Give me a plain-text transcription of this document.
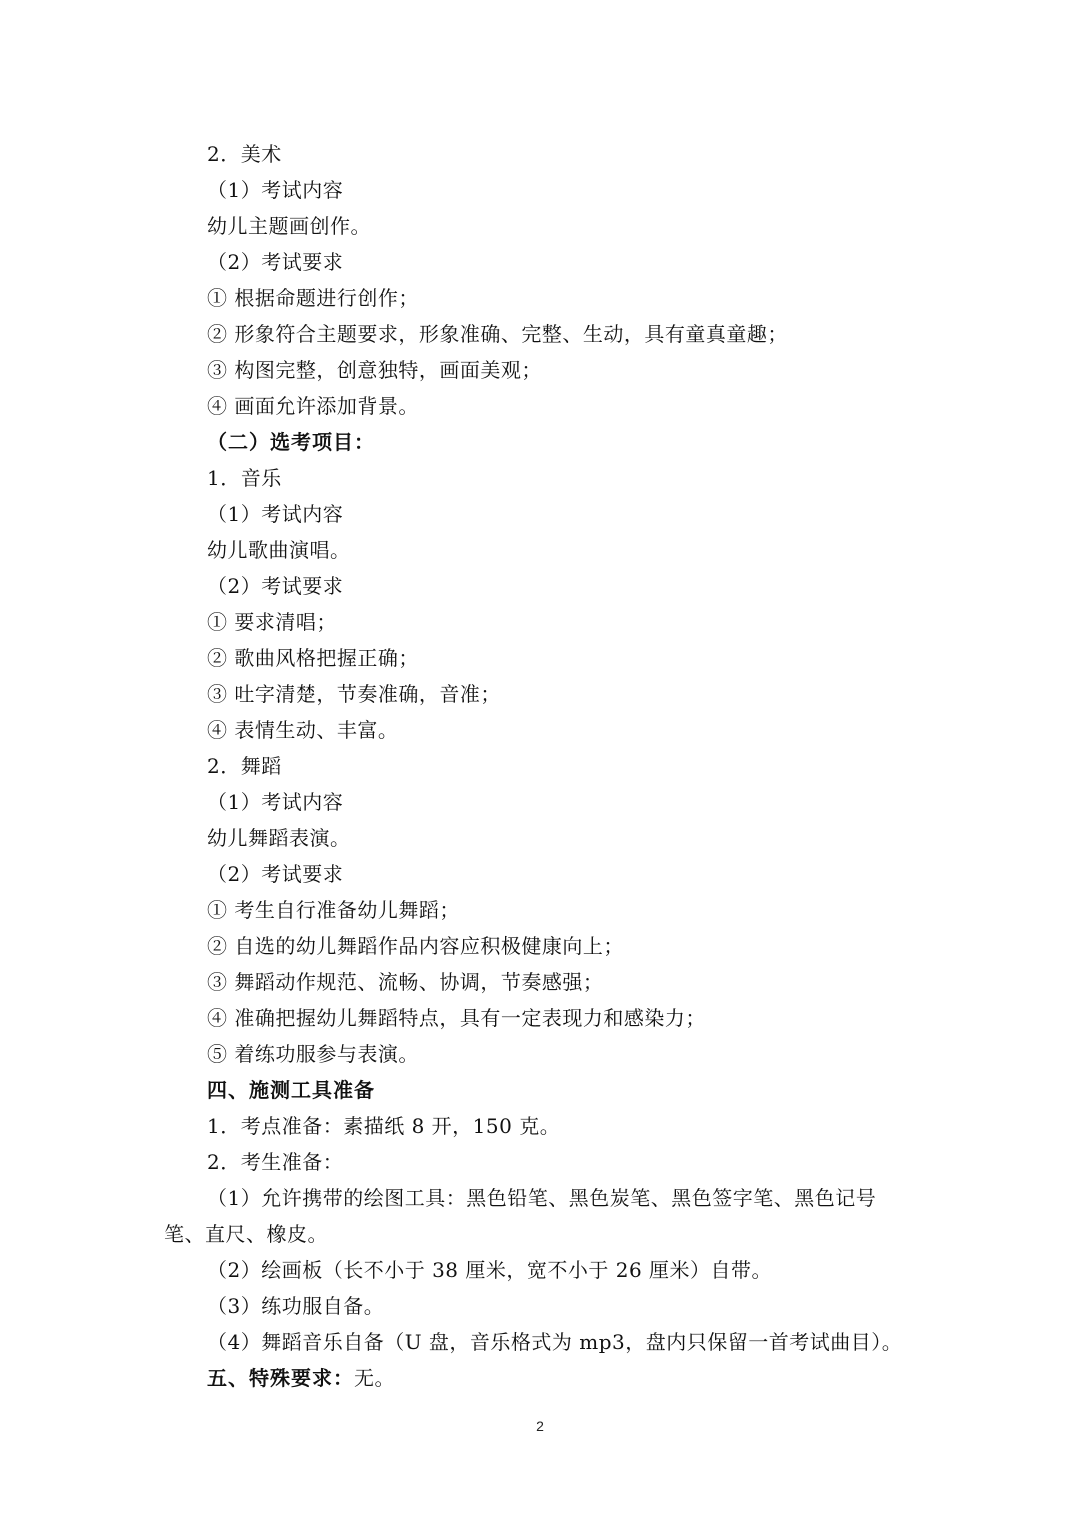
2．美术
（1）考试内容
幼儿主题画创作。
（2）考试要求
① 根据命题进行创作；
② 形象符合主题要求，形象准确、完整、生动，具有童真童趣；
③ 构图完整，创意独特，画面美观；
④ 画面允许添加背景。
（二）选考项目：
1．音乐
（1）考试内容
幼儿歌曲演唱。
（2）考试要求
① 要求清唱；
② 歌曲风格把握正确；
③ 吐字清楚，节奏准确，音准；
④ 表情生动、丰富。
2．舞蹈
（1）考试内容
幼儿舞蹈表演。
（2）考试要求
① 考生自行准备幼儿舞蹈；
② 自选的幼儿舞蹈作品内容应积极健康向上；
③ 舞蹈动作规范、流畅、协调，节奏感强；
④ 准确把握幼儿舞蹈特点，具有一定表现力和感染力；
⑤ 着练功服参与表演。
四、施测工具准备
1．考点准备：素描纸 8 开，150 克。
2．考生准备：
（1）允许携带的绘图工具：黑色铅笔、黑色炭笔、黑色签字笔、黑色记号
笔、直尺、橡皮。
（2）绘画板（长不小于 38 厘米，宽不小于 26 厘米）自带。
（3）练功服自备。
（4）舞蹈音乐自备（U 盘，音乐格式为 mp3，盘内只保留一首考试曲目）。
五、特殊要求：无。
2
